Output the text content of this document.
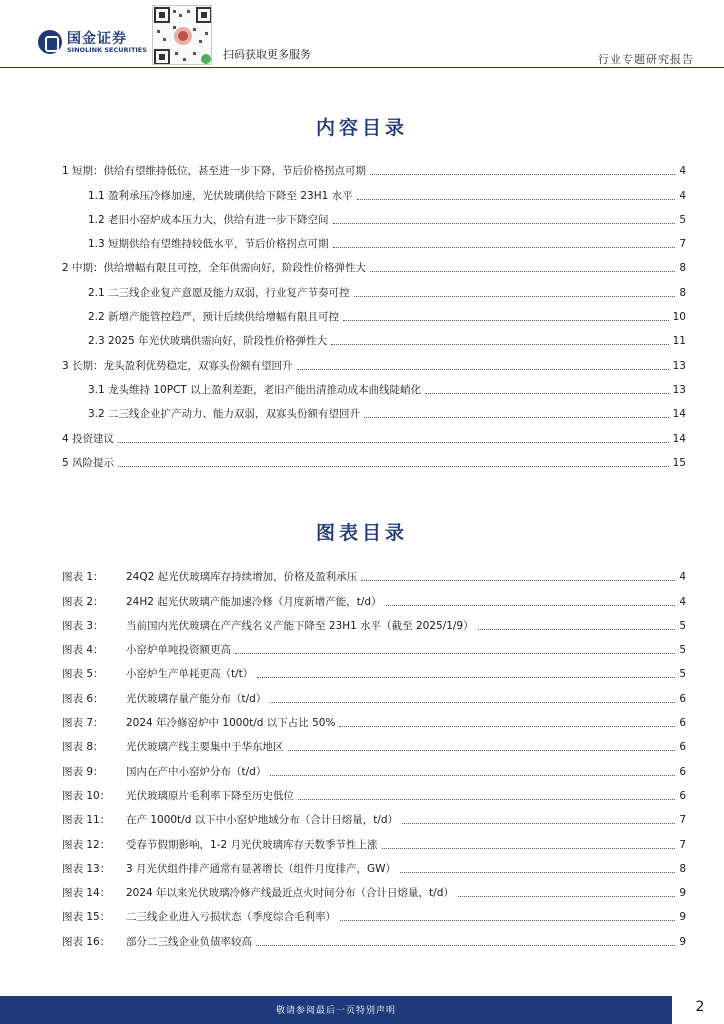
国金证券
SINOLINK SECURITIES	扫码获取更多服务	行业专题研究报告
内容目录
1 短期：供给有望维持低位，甚至进一步下降，节后价格拐点可期	4
1.1 盈利承压冷修加速，光伏玻璃供给下降至 23H1 水平	4
1.2 老旧小窑炉成本压力大，供给有进一步下降空间	5
1.3 短期供给有望维持较低水平，节后价格拐点可期	7
2 中期：供给增幅有限且可控，全年供需向好，阶段性价格弹性大	8
2.1 二三线企业复产意愿及能力双弱，行业复产节奏可控	8
2.2 新增产能管控趋严，预计后续供给增幅有限且可控	10
2.3 2025 年光伏玻璃供需向好，阶段性价格弹性大	11
3 长期：龙头盈利优势稳定，双寡头份额有望回升	13
3.1 龙头维持 10PCT 以上盈利差距，老旧产能出清推动成本曲线陡峭化	13
3.2 二三线企业扩产动力、能力双弱，双寡头份额有望回升	14
4 投资建议	14
5 风险提示	15
图表目录
图表 1：	24Q2 起光伏玻璃库存持续增加，价格及盈利承压	4
图表 2：	24H2 起光伏玻璃产能加速冷修（月度新增产能，t/d）	4
图表 3：	当前国内光伏玻璃在产产线名义产能下降至 23H1 水平（截至 2025/1/9）	5
图表 4：	小窑炉单吨投资额更高	5
图表 5：	小窑炉生产单耗更高（t/t）	5
图表 6：	光伏玻璃存量产能分布（t/d）	6
图表 7：	2024 年冷修窑炉中 1000t/d 以下占比 50%	6
图表 8：	光伏玻璃产线主要集中于华东地区	6
图表 9：	国内在产中小窑炉分布（t/d）	6
图表 10：	光伏玻璃原片毛利率下降至历史低位	6
图表 11：	在产 1000t/d 以下中小窑炉地域分布（合计日熔量，t/d）	7
图表 12：	受春节假期影响，1-2 月光伏玻璃库存天数季节性上涨	7
图表 13：	3 月光伏组件排产通常有显著增长（组件月度排产，GW）	8
图表 14：	2024 年以来光伏玻璃冷修产线最近点火时间分布（合计日熔量，t/d）	9
图表 15：	二三线企业进入亏损状态（季度综合毛利率）	9
图表 16：	部分二三线企业负债率较高	9
敬请参阅最后一页特别声明	2
